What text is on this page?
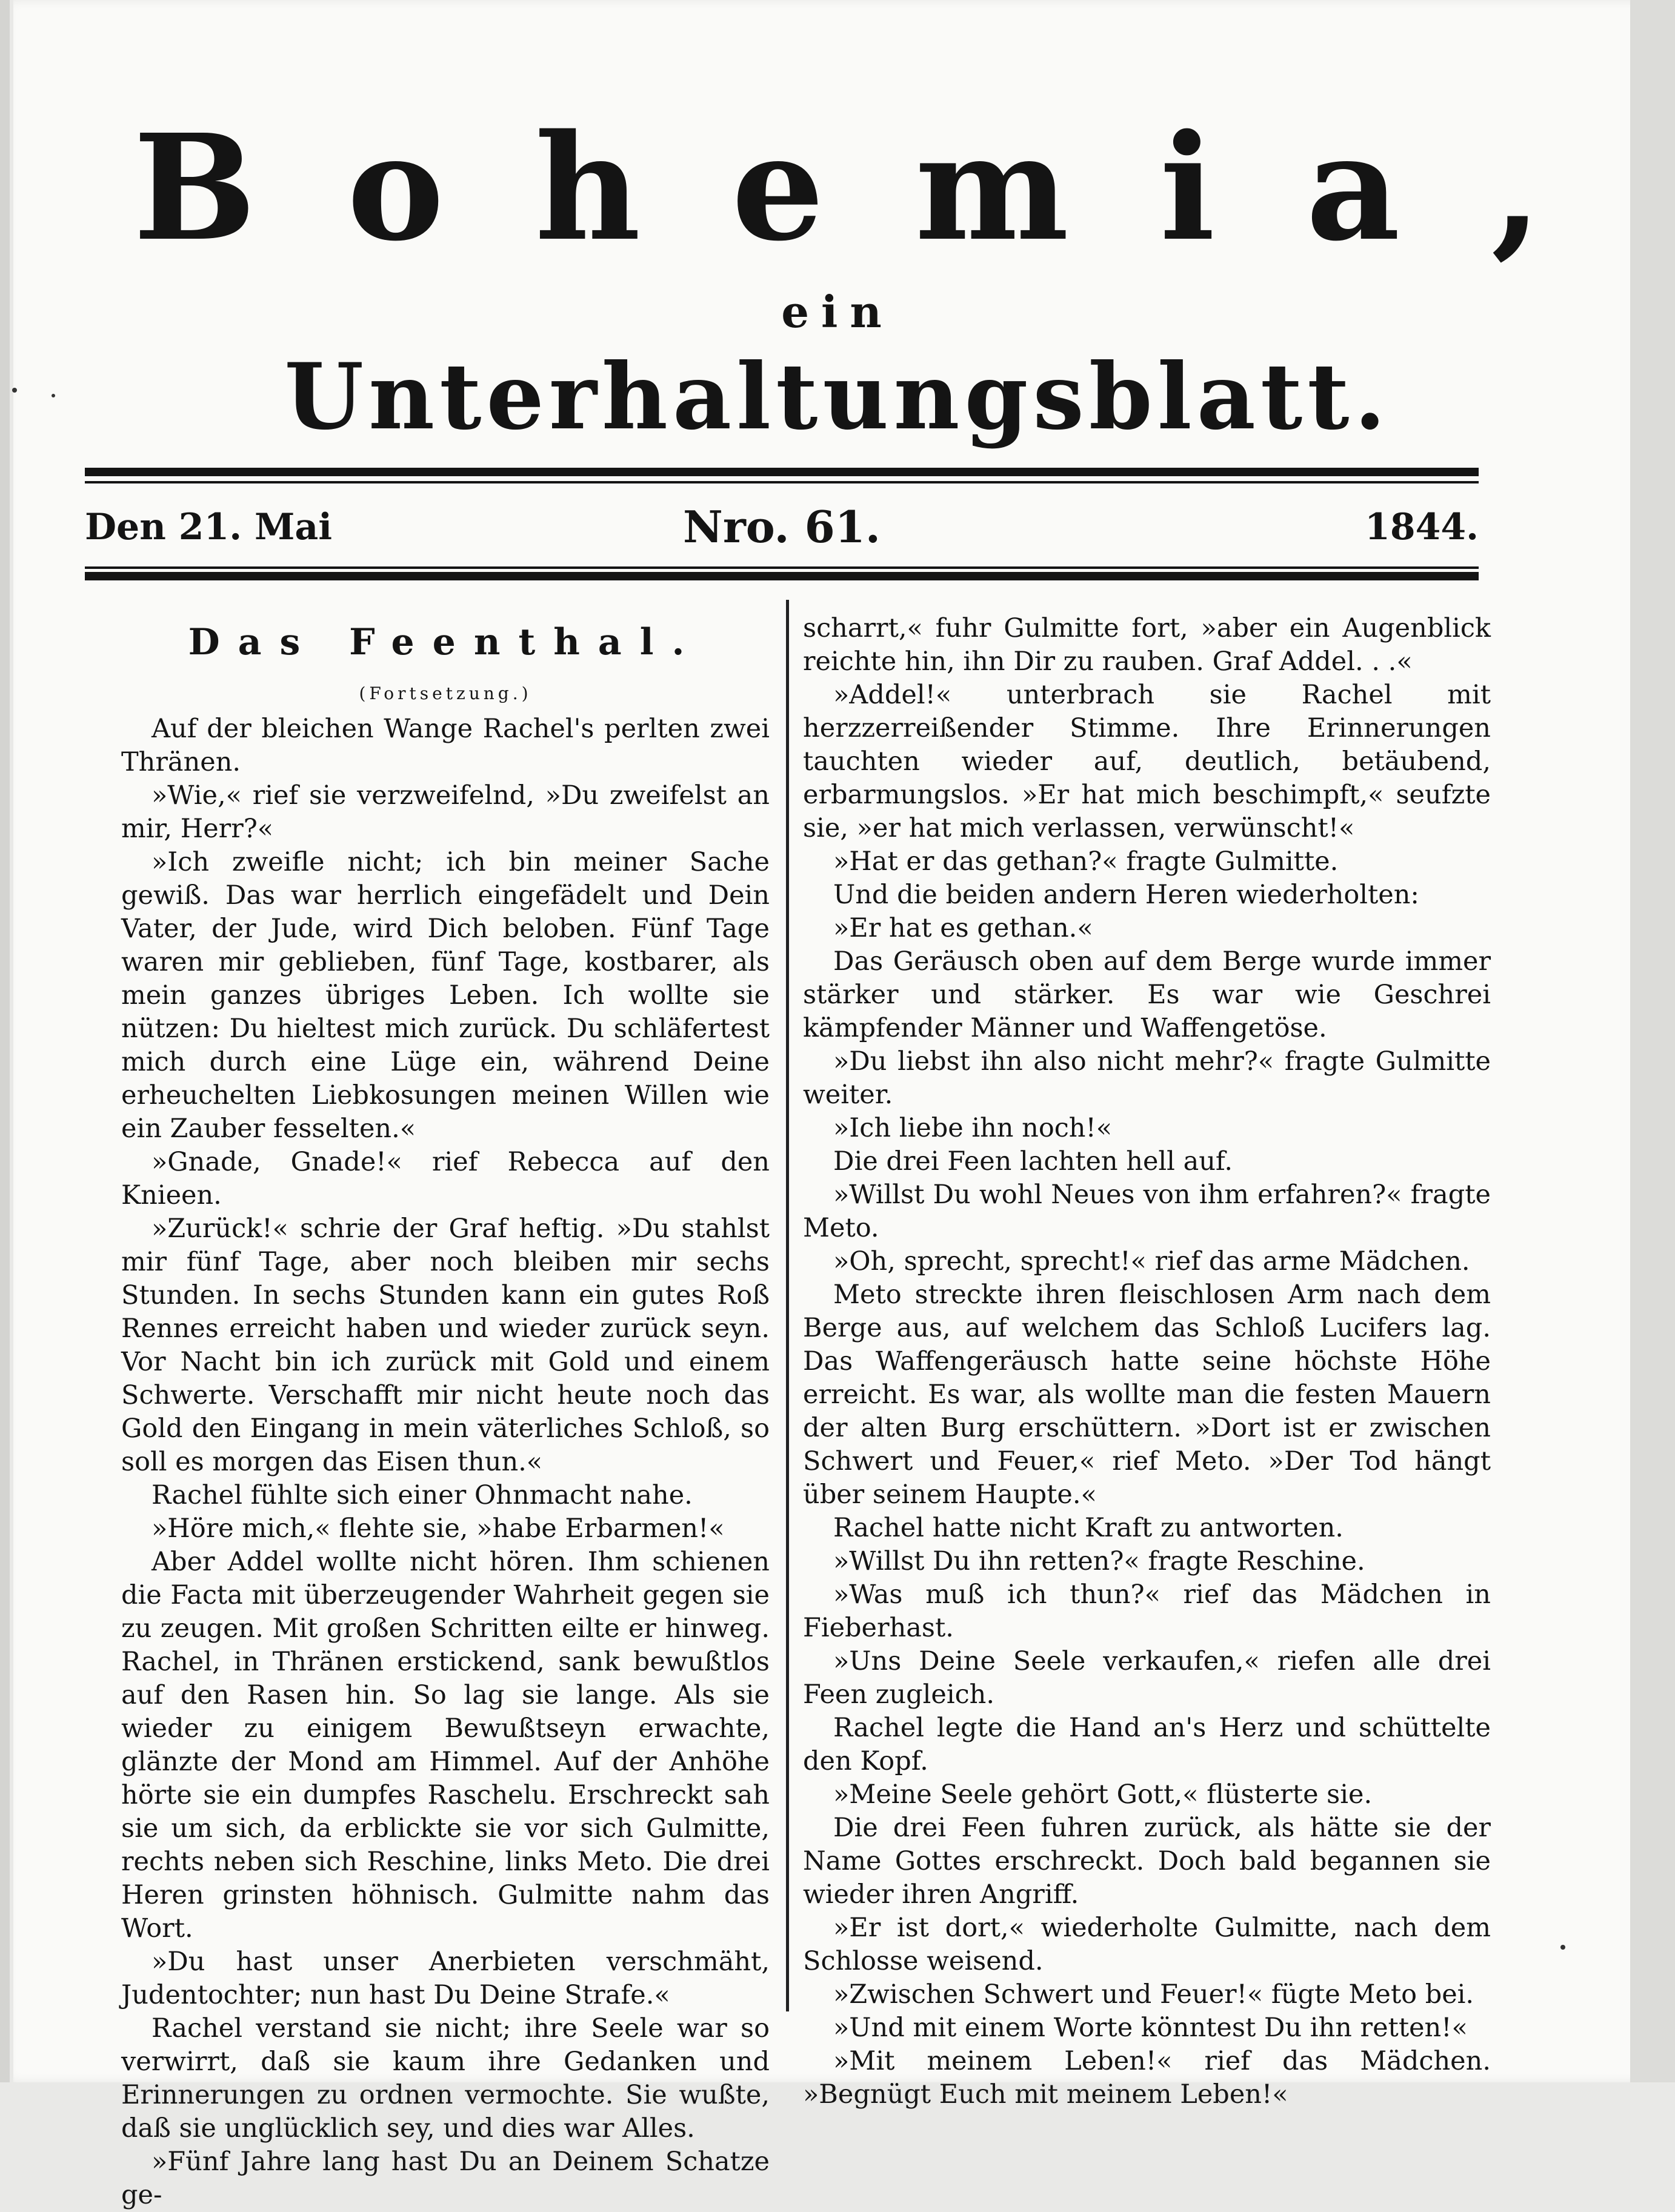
Bohemia,
ein
Unterhaltungsblatt.
Den 21. Mai	Nro. 61.	1844.
Das Feenthal.
(Fortsetzung.)

Auf der bleichen Wange Rachel's perlten zwei Thränen.

»Wie,« rief sie verzweifelnd, »Du zweifelst an mir, Herr?«

»Ich zweifle nicht; ich bin meiner Sache gewiß. Das war herrlich eingefädelt und Dein Vater, der Jude, wird Dich beloben. Fünf Tage waren mir geblieben, fünf Tage, kostbarer, als mein ganzes übriges Leben. Ich wollte sie nützen: Du hieltest mich zurück. Du schläfertest mich durch eine Lüge ein, während Deine erheuchelten Liebkosungen meinen Willen wie ein Zauber fesselten.«

»Gnade, Gnade!« rief Rebecca auf den Knieen.

»Zurück!« schrie der Graf heftig. »Du stahlst mir fünf Tage, aber noch bleiben mir sechs Stunden. In sechs Stunden kann ein gutes Roß Rennes erreicht haben und wieder zurück seyn. Vor Nacht bin ich zurück mit Gold und einem Schwerte. Verschafft mir nicht heute noch das Gold den Eingang in mein väterliches Schloß, so soll es morgen das Eisen thun.«

Rachel fühlte sich einer Ohnmacht nahe.

»Höre mich,« flehte sie, »habe Erbarmen!«

Aber Addel wollte nicht hören. Ihm schienen die Facta mit überzeugender Wahrheit gegen sie zu zeugen. Mit großen Schritten eilte er hinweg. Rachel, in Thränen erstickend, sank bewußtlos auf den Rasen hin. So lag sie lange. Als sie wieder zu einigem Bewußtseyn erwachte, glänzte der Mond am Himmel. Auf der Anhöhe hörte sie ein dumpfes Raschelu. Erschreckt sah sie um sich, da erblickte sie vor sich Gulmitte, rechts neben sich Reschine, links Meto. Die drei Heren grinsten höhnisch. Gulmitte nahm das Wort.

»Du hast unser Anerbieten verschmäht, Judentochter; nun hast Du Deine Strafe.«

Rachel verstand sie nicht; ihre Seele war so verwirrt, daß sie kaum ihre Gedanken und Erinnerungen zu ordnen vermochte. Sie wußte, daß sie unglücklich sey, und dies war Alles.

»Fünf Jahre lang hast Du an Deinem Schatze ge-

scharrt,« fuhr Gulmitte fort, »aber ein Augenblick reichte hin, ihn Dir zu rauben. Graf Addel. . .«

»Addel!« unterbrach sie Rachel mit herzzerreißender Stimme. Ihre Erinnerungen tauchten wieder auf, deutlich, betäubend, erbarmungslos. »Er hat mich beschimpft,« seufzte sie, »er hat mich verlassen, verwünscht!«

»Hat er das gethan?« fragte Gulmitte.

Und die beiden andern Heren wiederholten:

»Er hat es gethan.«

Das Geräusch oben auf dem Berge wurde immer stärker und stärker. Es war wie Geschrei kämpfender Männer und Waffengetöse.

»Du liebst ihn also nicht mehr?« fragte Gulmitte weiter.

»Ich liebe ihn noch!«

Die drei Feen lachten hell auf.

»Willst Du wohl Neues von ihm erfahren?« fragte Meto.

»Oh, sprecht, sprecht!« rief das arme Mädchen.

Meto streckte ihren fleischlosen Arm nach dem Berge aus, auf welchem das Schloß Lucifers lag. Das Waffengeräusch hatte seine höchste Höhe erreicht. Es war, als wollte man die festen Mauern der alten Burg erschüttern. »Dort ist er zwischen Schwert und Feuer,« rief Meto. »Der Tod hängt über seinem Haupte.«

Rachel hatte nicht Kraft zu antworten.

»Willst Du ihn retten?« fragte Reschine.

»Was muß ich thun?« rief das Mädchen in Fieberhast.

»Uns Deine Seele verkaufen,« riefen alle drei Feen zugleich.

Rachel legte die Hand an's Herz und schüttelte den Kopf.

»Meine Seele gehört Gott,« flüsterte sie.

Die drei Feen fuhren zurück, als hätte sie der Name Gottes erschreckt. Doch bald begannen sie wieder ihren Angriff.

»Er ist dort,« wiederholte Gulmitte, nach dem Schlosse weisend.

»Zwischen Schwert und Feuer!« fügte Meto bei.

»Und mit einem Worte könntest Du ihn retten!«

»Mit meinem Leben!« rief das Mädchen. »Begnügt Euch mit meinem Leben!«
